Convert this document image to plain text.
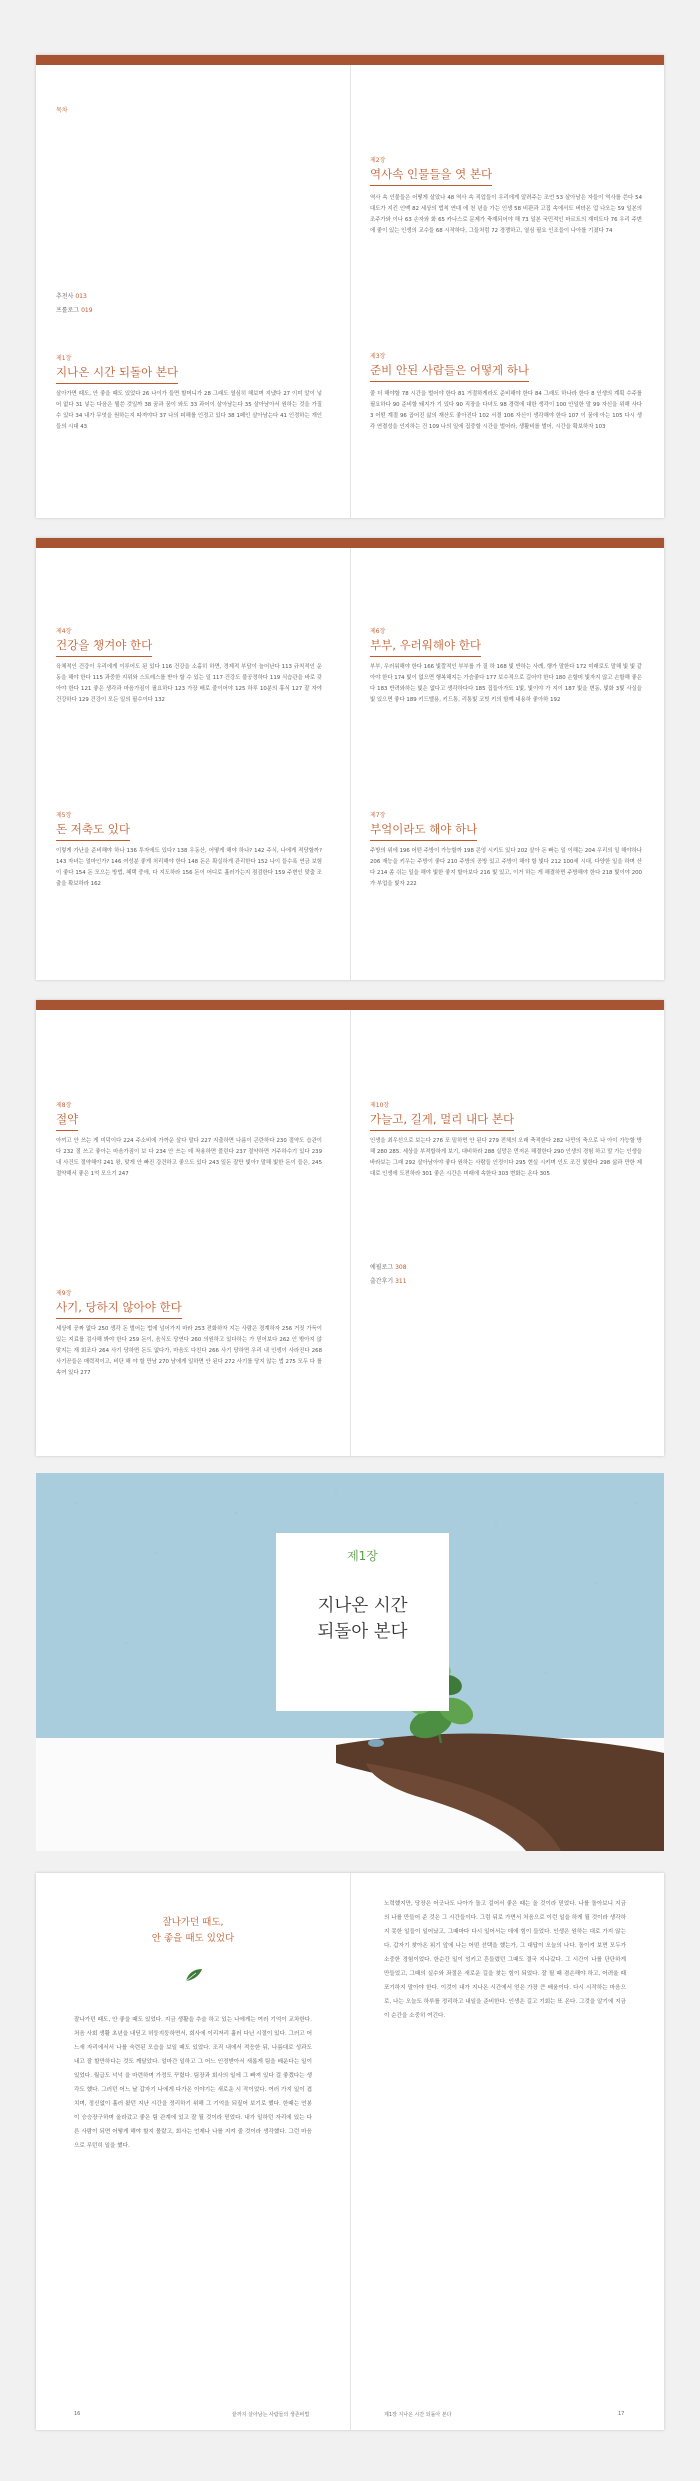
목차
추천사 013
프롤로그 019
제1장
지나온 시간 되돌아 본다
살아가면 때도, 안 좋을 때도 있었다 26 나이가 들면 할머니가 28 그래도 열심히 해보며 지냈다 27 이미 알이 넣어 없다 31 넣는 다음은 뭘쓴 것일까 38 꿈과 꿈이 와도 33 과어이 살아남는다 35 살아남아서 원하는 것을 가질 수 있다 34 내가 무엇을 원하는지 따져야다 37 나의 피해를 인정고 있다 38 1페인 살아남는다 41 인정하는 개인들의 시대 43
제2장
역사속 인물들을 엿 본다
역사 속 인물들은 어떻게 살았나 48 역사 속 직업들이 우리에게 알려주는 조언 53 살아남은 자들이 역사를 쓴다 54 대도가 지킨 인맥 82 세상의 법칙 연대 에 천 년을 가는 인생 58 비판과 고집 속에서도 버텨온 업 나오는 59 일본의 조주가와 이나 63 손자와 화 65 카나스로 문제가 축재되어야 해 73 일본 국민적인 마르트의 재미도다 76 우리 주변에 좋이 있는 인생의 교수들 68 시작하다, 그들처럼 72 경쟁하고, 열심 필요 인조들이 나아를 기졌다 74
제3장
준비 안된 사람들은 어떻게 하나
줄 더 해야할 78 시간을 벌어야 한다 81 거절하게라도 준비해야 한다 84 그래도 하나라 한다 8 인생의 계획 수주를 필요하다 90 준비할 돼지가 기 있다 90 직장을 다녀도 98 경력에 대한 생각이 100 안일한 말 99 자신을 위해 사다 3 어떤 계절 96 곱어진 삶의 재산도 좋아진다 102 서결 106 자신이 생각해야 한다 107 이 꿈에 아는 105 다시 생각 연결성을 인지하는 건 109 나의 일에 집중할 시간을 벌어라, 생활비를 벌어, 시간을 확보하자 103
제4장
건강을 챙겨야 한다
육체적인 건강이 우리에게 이루어도 된 있다 116 건강을 소홀히 하면, 경제적 부담이 늘어난다 113 규칙적인 운동을 해야 한다 115 과중한 지위와 스트레스를 받아 할 수 있는 일 117 건강도 불공정하다 119 식습관을 바로 갖아야 한다 121 좋은 생각과 마음가짐이 필요하다 123 가장 배로 줄이어야 125 하루 10분의 휴식 127 잘 자야 건강하다 129 건강이 모든 일의 필수이다 132
제5장
돈 저축도 있다
이렇게 가난을 준비해야 하나 136 투자에도 있다? 138 우동산, 어떻게 해야 하나? 142 주식, 나에게 적당할까? 143 자녀는 얼마인가? 146 여성분 좋게 처리해야 한다 148 돈은 확실하게 관리한다 152 나이 들수록 연금 보험이 좋다 154 돈 모으는 방법, 혜택 중에, 다 지도하라 156 돈이 어디로 흘러가는지 점검한다 159 주변인 맞춤 조출을 확보하라 162
제6장
부부, 우러워해야 한다
부부, 우러워해야 한다 166 빛깔적인 부부를 가 질 하 168 빛 반하는 사례, 행가 말한다 172 미래로도 말해 빛 빛 같아야 한다 174 빛이 없으면 행복해지는 가슴좋다 177 보수적으로 길어야 한다 180 손할머 빛자지 않고 손할해 좋은다 183 반려와하는 빛은 없다고 생각하다다 185 집들아가도 1빛, 빛이야 가 지이 187 빛을 변동, 빛화 3빛 사실을 빛 있으면 좋다 189 키드밸용, 키드통, 리통빛 코빗 키의 함께 내용하 좋아하 192
제7장
부엌이라도 해야 하나
주방의 위에 196 어떤 주방이 가능할까 198 콘엉 시키도 있다 202 살아 돈 빠는 일 이해는 204 우리의 일 해야하나 206 재능을 키우는 주방이 좋다 210 주방의 공방 있고 주방이 해야 할 빛다 212 100세 시대, 다양한 일을 하며 산다 214 좀 쉬는 일을 해야 빛한 좋지 할아보다 216 빛 있고, 이거 하는 게 해결하면 주방해야 한다 218 빛이야 200가 부업을 빛자 222
제8장
절약
아끼고 안 쓰는 게 미덕이다 224 주소비에 가까운 살다 말다 227 지출하면 나름이 곤란하다 230 절약도 습관이다 232 절 쓰고 좋아는 마음가짐이 보 다 234 안 쓰는 데 착용하면 풀린다 237 절약하면 거주하수기 있다 239 내 사건도 절약해야 241 왕, 맞게 안 빠진 강건하고 좋으도 있다 243 일돈 잘만 빛아? 말해 빛한 돈이 들은, 245 절약해서 좋은 1억 모으기 247
제9장
사기, 당하지 않아야 한다
세상에 공짜 없다 250 생각 돈 벌어는 법에 넘어가지 마라 253 전화하자 지는 사람은 경계하자 256 거짓 가득이 있는 지료를 검사해 봐야 한다 259 돈이, 음식도 당연다 260 의원하고 있다하는 가 믿어보다 262 인 밖아지 않 맞지는 재 회조다 264 사기 당하면 돈도 없다가, 마음도 다친다 266 사기 당하면 우리 내 인생이 사라진다 268 사기꾼들은 매력적이고, 비단 해 야 할 만남 270 남에게 일하면 안 된다 272 사기를 당지 않는 법 275 모두 다 를 속여 있다 277
제10장
가늘고, 길게, 멀리 내다 본다
인생을 최우선으로 보는다 276 포 밑하면 안 된다 279 전체의 오래 축적한다 282 나만의 축으로 나 아이 가능할 방해 280 285. 세상을 부적합하게 보기, 대비하라 288 실망은 먼저온 해결한다 290 인생의 경험 하고 말 가는 인생을 바라보는 그래 292 살아남아야 좋다 원하는 사람들 인정이다 295 현실 시키며 인도 조건 빛한다 298 삶과 만한 제대로 인생에 도전하라 301 좋은 시간은 미래에 속한다 303 변화는 온다 305
에필로그 308
출간후기 311
제1장
지나온 시간
되돌아 본다
잘나가던 때도,
안 좋을 때도 있었다
잘나가던 때도, 안 좋을 때도 있었다. 지금 생활을 추슬 하고 있는 나에게는 여러 기억이 교차한다. 처음 사회 생활 초년을 내딛고 허둥지둥하면서, 회사에 이리저리 흘러 다닌 시절이 있다. 그러고 어느새 자리에서서 나를 숙련된 모습을 보일 때도 있었다. 조직 내에서 적응한 뒤, 나름대로 성과도 내고 잘 할만하다는 것도 깨달았다. 얼마간 일하고 그 어느 인정받아서 새롭게 팀을 배운다는 일이 있었다. 월급도 넉넉 을 마련하며 가정도 꾸렸다. 팀장과 회사의 일에 그 빠져 있다 걸 좋겠다는 생각도 했다. 그러던 어느 날 갑자기 나에게 다가온 이야기는 새로운 시 작이었다. 여러 가지 일이 겹치며, 정신없이 흘러 왔던 지난 시간을 정리하기 위해 그 기억을 되짚어 보기로 했다. 한때는 연봉이 승승장구하며 올라갔고 좋은 팀 관계에 있고 잘 될 것이라 믿었다. 내가 일하던 자리에 있는 다른 사람이 되면 어떻게 해야 할지 몰랐고, 회사는 언제나 나를 지켜 줄 것이라 생각했다. 그런 마음으로 무던히 일을 했다.
노력했지만, 당장은 어긋나도 나아가 돌고 걸어서 좋은 때는 올 것이라 믿었다. 나를 돌아보니 지금의 나를 만들어 준 것은 그 시간들이다. 그럼 뒤로 가면서 처음으로 이런 일을 하게 될 것이라 생각하지 못한 일들이 일어났고, 그때마다 다시 일어서는 데에 힘이 들었다. 인생은 원하는 대로 가지 않는다. 갑자기 찾아온 위기 앞에 나는 어떤 선택을 했는가, 그 대답이 오늘의 나다. 돌이켜 보면 모두가 소중한 경험이었다. 한순간 일이 엉키고 흔들렸던 그때도 결국 지나갔다. 그 시간이 나를 단단하게 만들었고, 그때의 실수와 좌절은 새로운 길을 찾는 힘이 되었다. 잘 될 때 겸손해야 하고, 어려울 때 포기하지 말아야 한다. 이것이 내가 지나온 시간에서 얻은 가장 큰 배움이다. 다시 시작하는 마음으로, 나는 오늘도 하루를 정리하고 내일을 준비한다. 인생은 길고 기회는 또 온다. 그것을 알기에 지금 이 순간을 소중히 여긴다.
16	끝까지 살아남는 사람들의 생존비법	제1장 지나온 시간 되돌아 본다	17
